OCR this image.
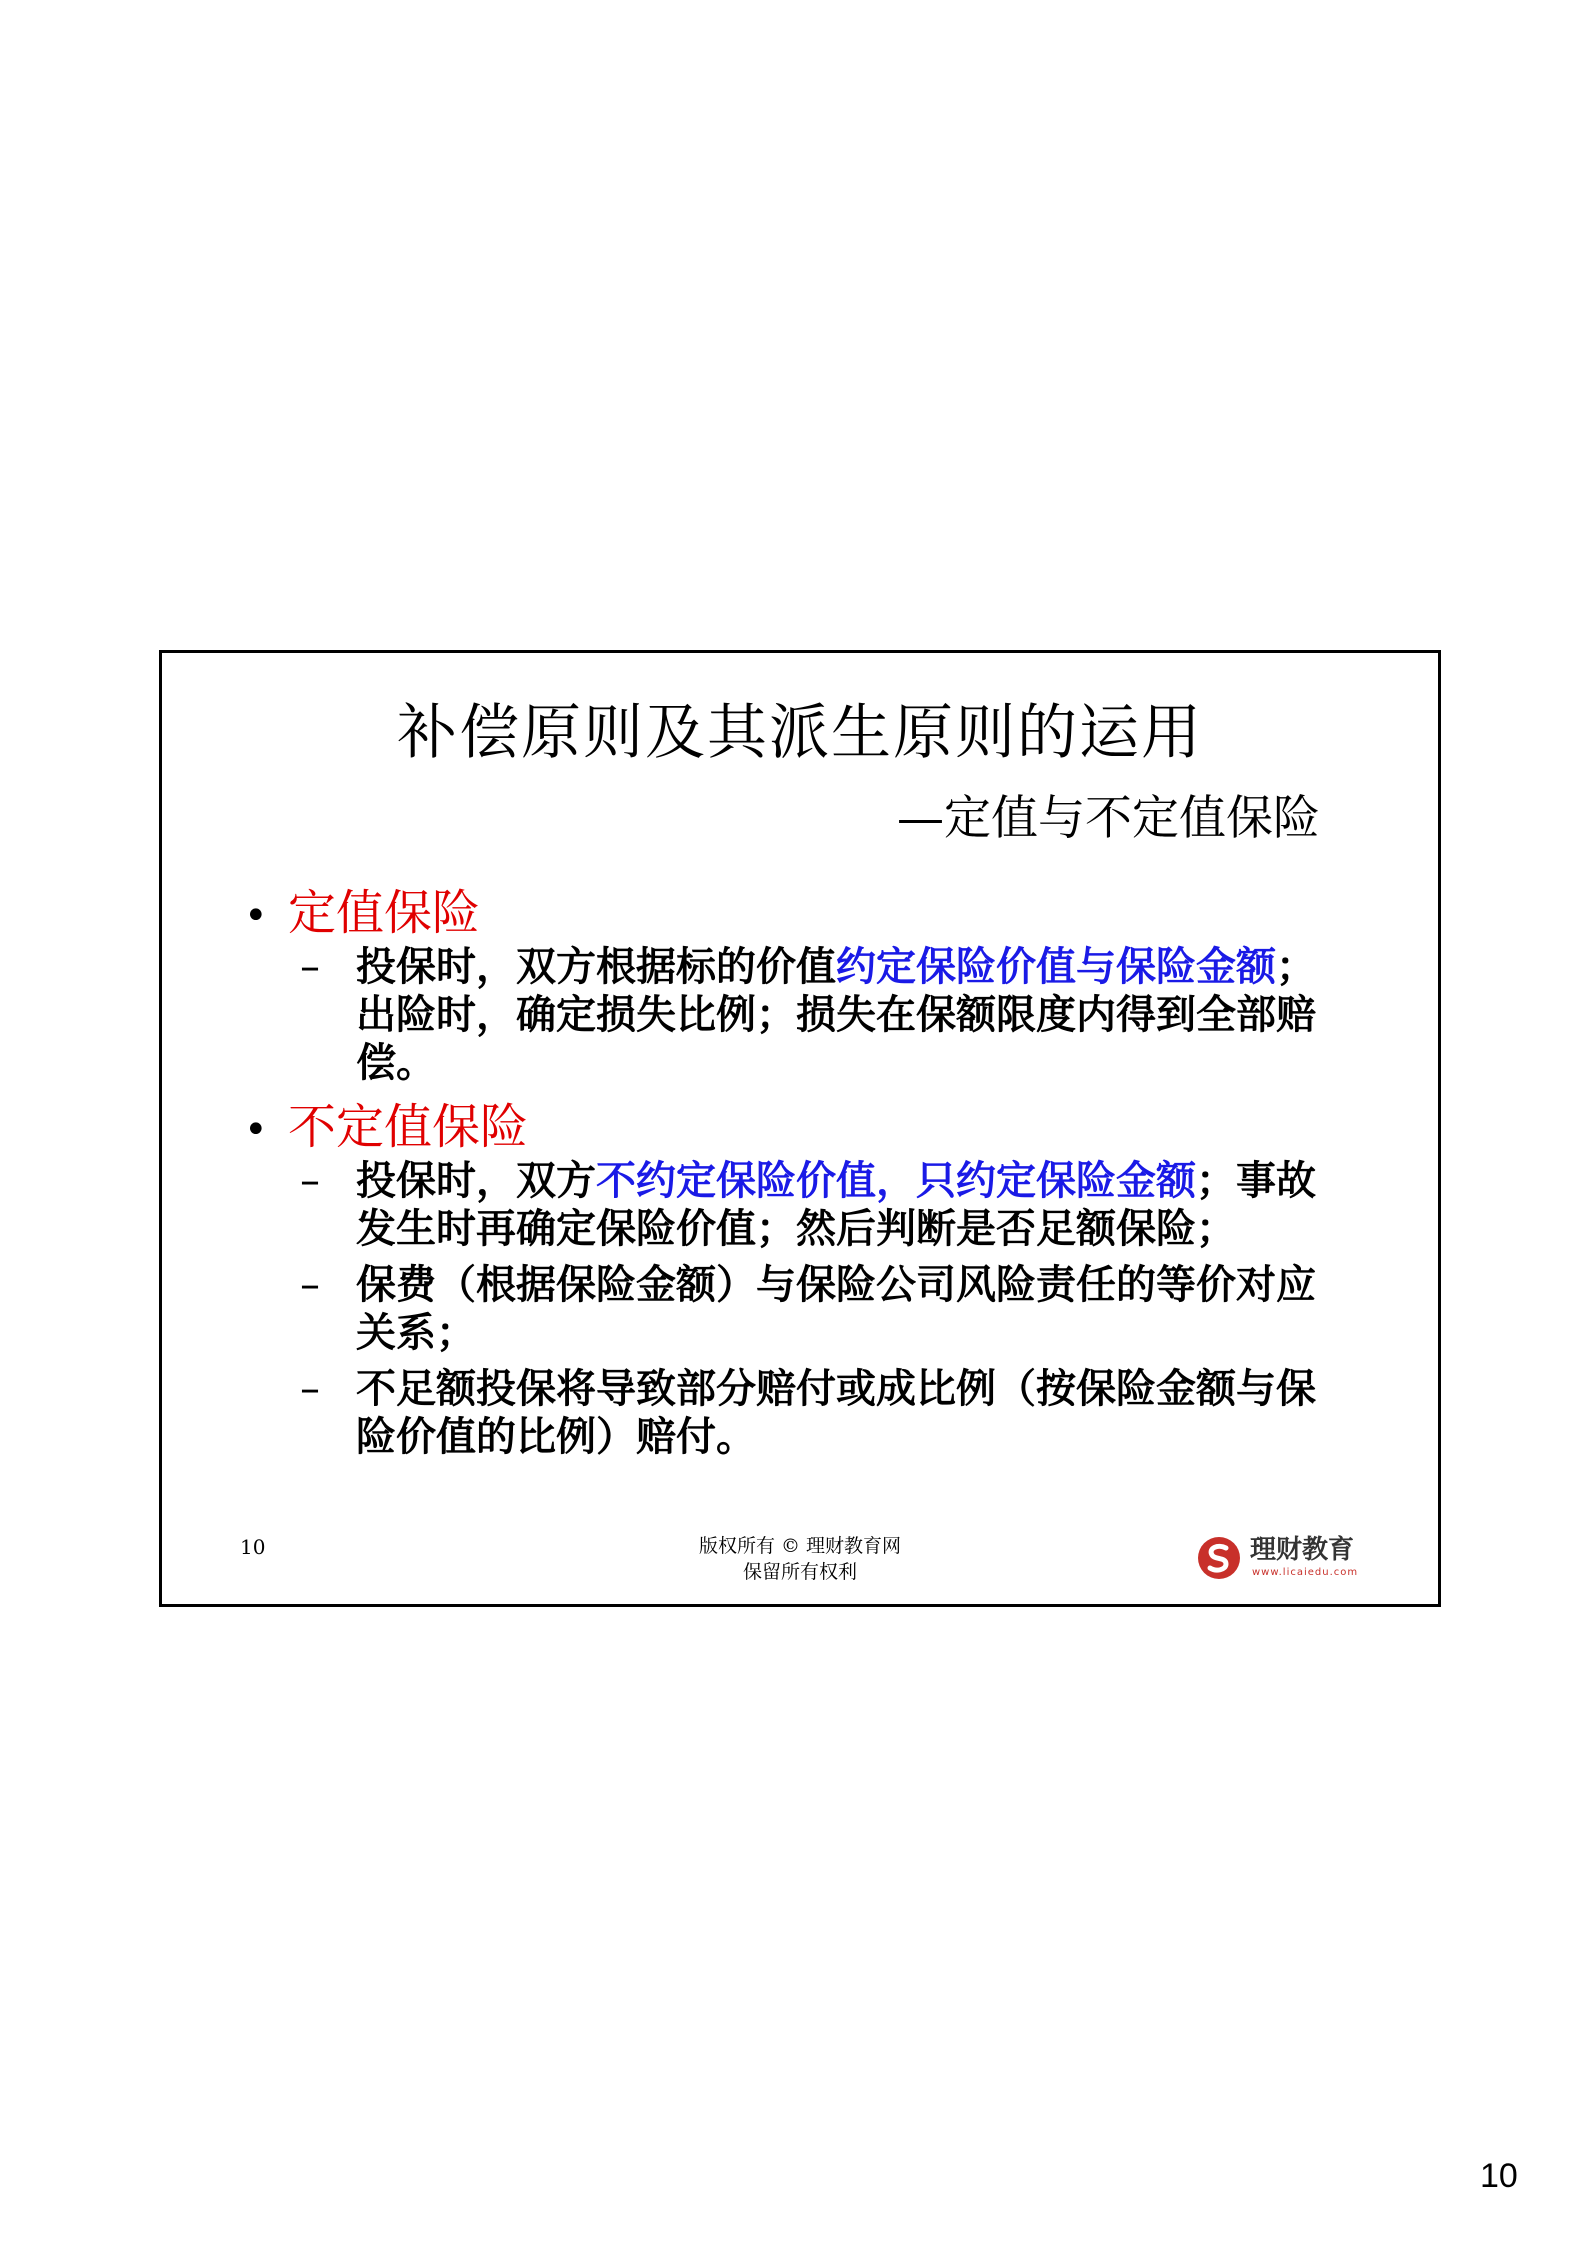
补偿原则及其派生原则的运用
—定值与不定值保险
• 定值保险
– 投保时，双方根据标的价值约定保险价值与保险金额；出险时，确定损失比例；损失在保额限度内得到全部赔偿。
• 不定值保险
– 投保时，双方不约定保险价值，只约定保险金额；事故发生时再确定保险价值；然后判断是否足额保险；
– 保费（根据保险金额）与保险公司风险责任的等价对应关系；
– 不足额投保将导致部分赔付或成比例（按保险金额与保险价值的比例）赔付。
10	版权所有 © 理财教育网
保留所有权利
理财教育
www.licaiedu.com
10
